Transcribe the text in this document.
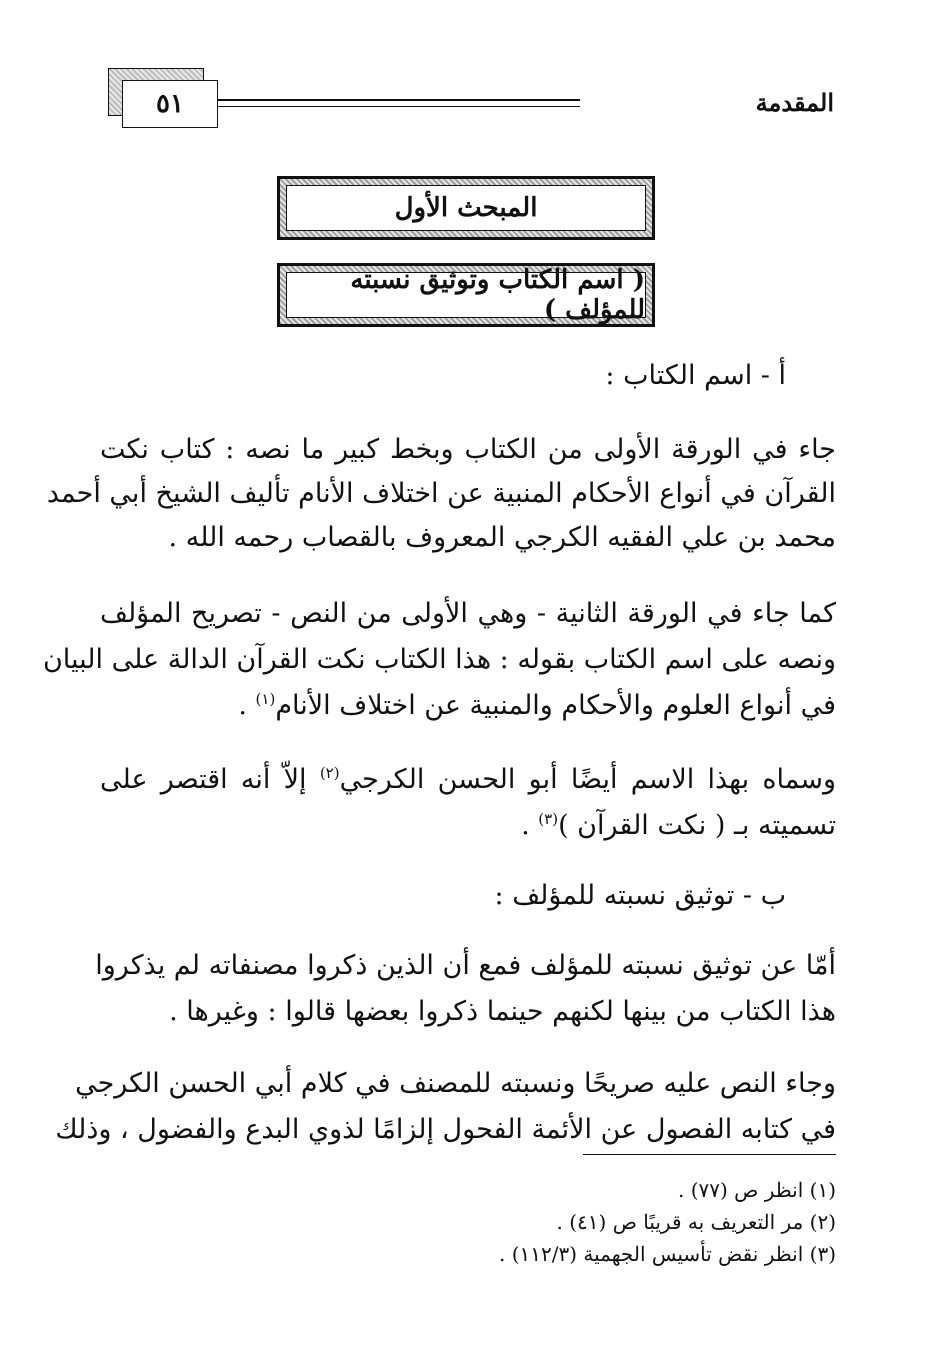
المقدمة
٥١
المبحث الأول
( اسم الكتاب وتوثيق نسبته للمؤلف )
أ - اسم الكتاب :
جاء في الورقة الأولى من الكتاب وبخط كبير ما نصه : كتاب نكت
القرآن في أنواع الأحكام المنبية عن اختلاف الأنام تأليف الشيخ أبي أحمد
محمد بن علي الفقيه الكرجي المعروف بالقصاب رحمه الله .
كما جاء في الورقة الثانية - وهي الأولى من النص - تصريح المؤلف
ونصه على اسم الكتاب بقوله : هذا الكتاب نكت القرآن الدالة على البيان
في أنواع العلوم والأحكام والمنبية عن اختلاف الأنام$^{(١)}$ .
وسماه بهذا الاسم أيضًا أبو الحسن الكرجي$^{(٢)}$ إلاّ أنه اقتصر على
تسميته بـ ( نكت القرآن )$^{(٣)}$ .
ب - توثيق نسبته للمؤلف :
أمّا عن توثيق نسبته للمؤلف فمع أن الذين ذكروا مصنفاته لم يذكروا
هذا الكتاب من بينها لكنهم حينما ذكروا بعضها قالوا : وغيرها .
وجاء النص عليه صريحًا ونسبته للمصنف في كلام أبي الحسن الكرجي
في كتابه الفصول عن الأئمة الفحول إلزامًا لذوي البدع والفضول ، وذلك
(١) انظر ص (٧٧) .
(٢) مر التعريف به قريبًا ص (٤١) .
(٣) انظر نقض تأسيس الجهمية (١١٢/٣) .
